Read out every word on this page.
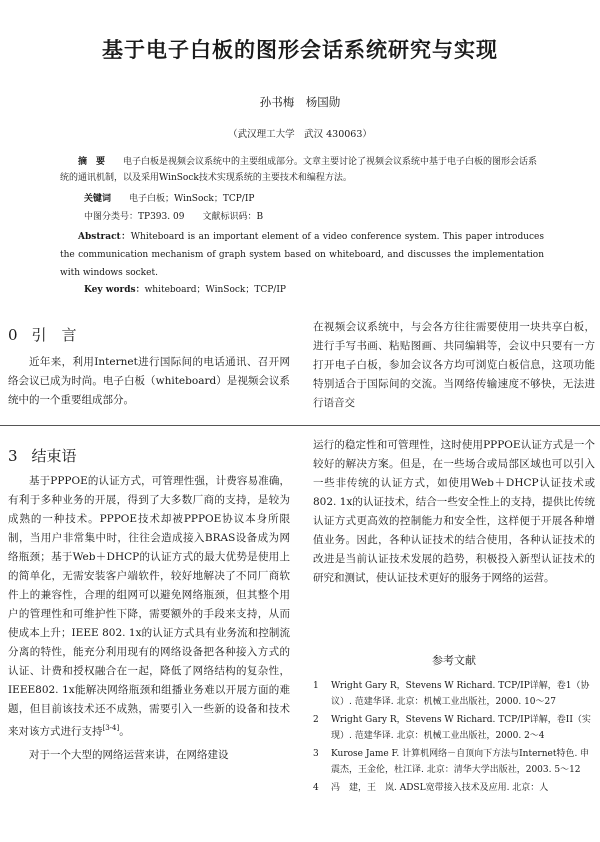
基于电子白板的图形会话系统研究与实现
孙书梅　杨国勋
（武汉理工大学　武汉 430063）
摘　要 电子白板是视频会议系统中的主要组成部分。文章主要讨论了视频会议系统中基于电子白板的图形会话系统的通讯机制，以及采用WinSock技术实现系统的主要技术和编程方法。
关键词 电子白板；WinSock；TCP/IP
中图分类号：TP393. 09 文献标识码：B
Abstract：Whiteboard is an important element of a video conference system. This paper introduces the communication mechanism of graph system based on whiteboard, and discusses the implementation with windows socket.
Key words：whiteboard；WinSock；TCP/IP
0 引　言
近年来，利用Internet进行国际间的电话通讯、召开网络会议已成为时尚。电子白板（whiteboard）是视频会议系统中的一个重要组成部分。
在视频会议系统中，与会各方往往需要使用一块共享白板，进行手写书画、粘贴图画、共同编辑等，会议中只要有一方打开电子白板，参加会议各方均可浏览白板信息，这项功能特别适合于国际间的交流。当网络传输速度不够快，无法进行语音交
3 结束语
基于PPPOE的认证方式，可管理性强，计费容易准确，有利于多种业务的开展，得到了大多数厂商的支持，是较为成熟的一种技术。PPPOE技术却被PPPOE协议本身所限制，当用户非常集中时，往往会造成接入BRAS设备成为网络瓶颈；基于Web＋DHCP的认证方式的最大优势是使用上的简单化，无需安装客户端软件，较好地解决了不同厂商软件上的兼容性，合理的组网可以避免网络瓶颈，但其整个用户的管理性和可维护性下降，需要额外的手段来支持，从而使成本上升；IEEE 802. 1x的认证方式具有业务流和控制流分离的特性，能充分利用现有的网络设备把各种接入方式的认证、计费和授权融合在一起，降低了网络结构的复杂性，IEEE802. 1x能解决网络瓶颈和组播业务难以开展方面的难题，但目前该技术还不成熟，需要引入一些新的设备和技术来对该方式进行支持[3-4]。
对于一个大型的网络运营来讲，在网络建设
运行的稳定性和可管理性，这时使用PPPOE认证方式是一个较好的解决方案。但是，在一些场合或局部区域也可以引入一些非传统的认证方式，如使用Web＋DHCP认证技术或802. 1x的认证技术，结合一些安全性上的支持，提供比传统认证方式更高效的控制能力和安全性，这样便于开展各种增值业务。因此，各种认证技术的结合使用，各种认证技术的改进是当前认证技术发展的趋势，积极投入新型认证技术的研究和测试，使认证技术更好的服务于网络的运营。
参考文献
1	Wright Gary R，Stevens W Richard. TCP/IP详解，卷1（协议）. 范建华译. 北京：机械工业出版社，2000. 10～27
2	Wright Gary R，Stevens W Richard. TCP/IP详解，卷II（实现）. 范建华译. 北京：机械工业出版社，2000. 2～4
3	Kurose Jame F. 计算机网络－自顶向下方法与Internet特色. 申震杰，王金伦，杜江译. 北京：清华大学出版社，2003. 5～12
4	冯　建，王　岚. ADSL宽带接入技术及应用. 北京：人
